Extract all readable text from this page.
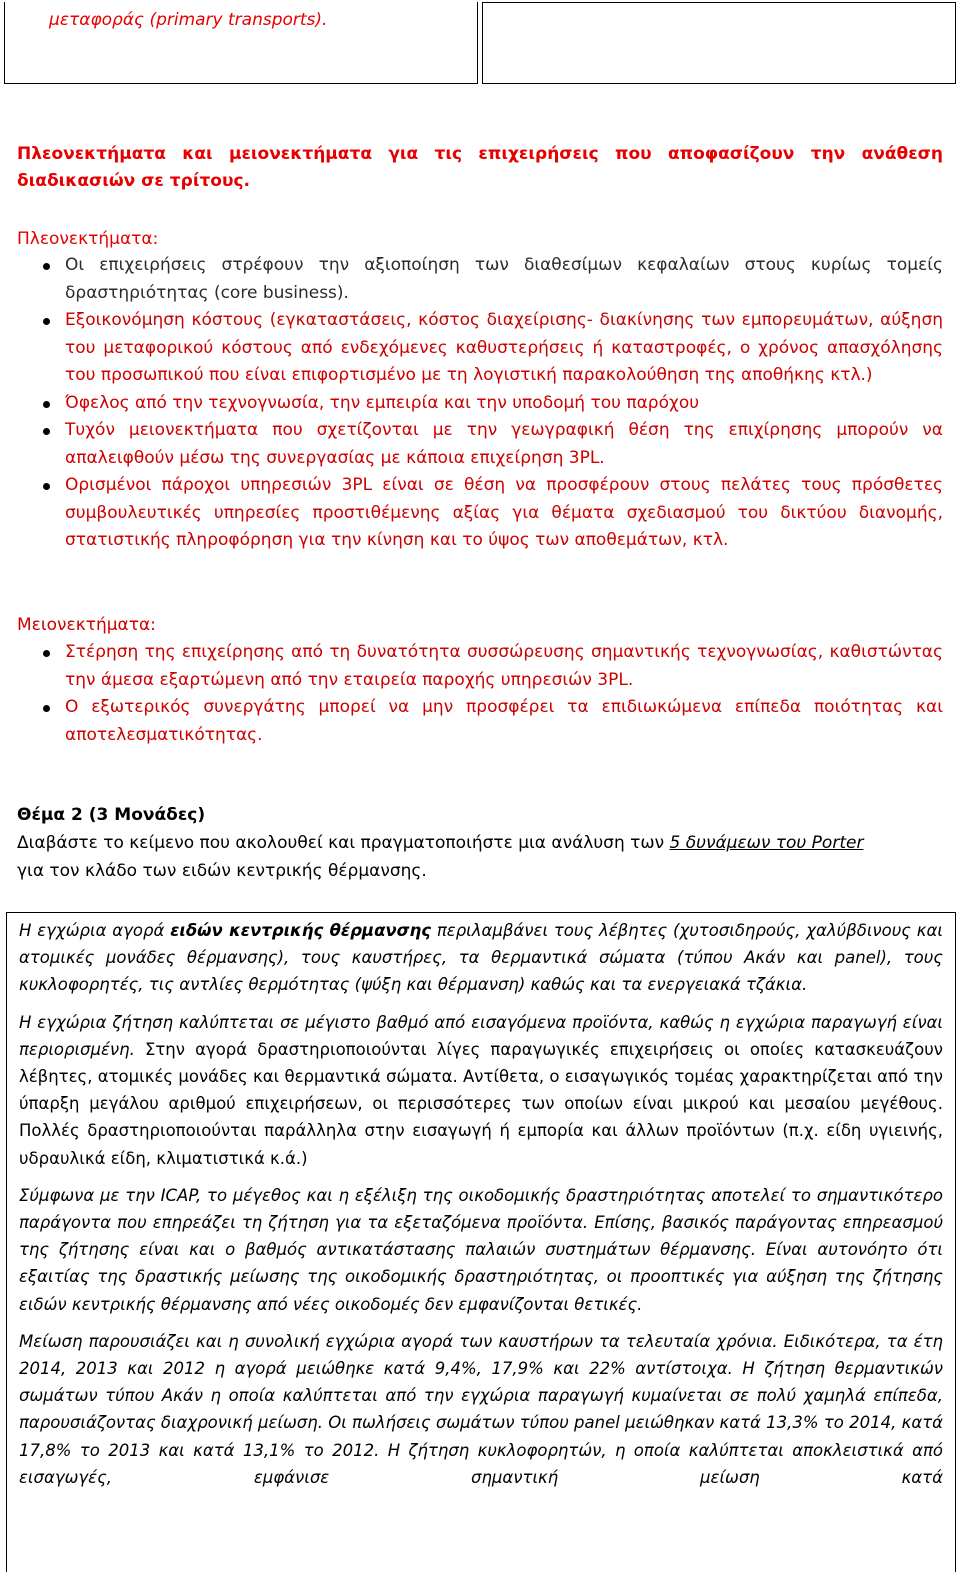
μεταφοράς (primary transports).
Πλεονεκτήματα και μειονεκτήματα για τις επιχειρήσεις που αποφασίζουν την ανάθεση διαδικασιών σε τρίτους.
Πλεονεκτήματα:
Οι επιχειρήσεις στρέφουν την αξιοποίηση των διαθεσίμων κεφαλαίων στους κυρίως τομείς δραστηριότητας (core business).
Εξοικονόμηση κόστους (εγκαταστάσεις, κόστος διαχείρισης- διακίνησης των εμπορευμάτων, αύξηση του μεταφορικού κόστους από ενδεχόμενες καθυστερήσεις ή καταστροφές, ο χρόνος απασχόλησης του προσωπικού που είναι επιφορτισμένο με τη λογιστική παρακολούθηση της αποθήκης κτλ.)
Όφελος από την τεχνογνωσία, την εμπειρία και την υποδομή του παρόχου
Τυχόν μειονεκτήματα που σχετίζονται με την γεωγραφική θέση της επιχίρησης μπορούν να απαλειφθούν μέσω της συνεργασίας με κάποια επιχείρηση 3PL.
Ορισμένοι πάροχοι υπηρεσιών 3PL είναι σε θέση να προσφέρουν στους πελάτες τους πρόσθετες συμβουλευτικές υπηρεσίες προστιθέμενης αξίας για θέματα σχεδιασμού του δικτύου διανομής, στατιστικής πληροφόρηση για την κίνηση και το ύψος των αποθεμάτων, κτλ.
Μειονεκτήματα:
Στέρηση της επιχείρησης από τη δυνατότητα συσσώρευσης σημαντικής τεχνογνωσίας, καθιστώντας την άμεσα εξαρτώμενη από την εταιρεία παροχής υπηρεσιών 3PL.
Ο εξωτερικός συνεργάτης μπορεί να μην προσφέρει τα επιδιωκώμενα επίπεδα ποιότητας και αποτελεσματικότητας.
Θέμα 2 (3 Μονάδες)
Διαβάστε το κείμενο που ακολουθεί και πραγματοποιήστε μια ανάλυση των 5 δυνάμεων του Porter
για τον κλάδο των ειδών κεντρικής θέρμανσης.

Η εγχώρια αγορά ειδών κεντρικής θέρμανσης περιλαμβάνει τους λέβητες (χυτοσιδηρούς, χαλύβδινους και ατομικές μονάδες θέρμανσης), τους καυστήρες, τα θερμαντικά σώματα (τύπου Ακάν και panel), τους κυκλοφορητές, τις αντλίες θερμότητας (ψύξη και θέρμανση) καθώς και τα ενεργειακά τζάκια.

Η εγχώρια ζήτηση καλύπτεται σε μέγιστο βαθμό από εισαγόμενα προϊόντα, καθώς η εγχώρια παραγωγή είναι περιορισμένη. Στην αγορά δραστηριοποιούνται λίγες παραγωγικές επιχειρήσεις οι οποίες κατασκευάζουν λέβητες, ατομικές μονάδες και θερμαντικά σώματα. Αντίθετα, ο εισαγωγικός τομέας χαρακτηρίζεται από την ύπαρξη μεγάλου αριθμού επιχειρήσεων, οι περισσότερες των οποίων είναι μικρού και μεσαίου μεγέθους. Πολλές δραστηριοποιούνται παράλληλα στην εισαγωγή ή εμπορία και άλλων προϊόντων (π.χ. είδη υγιεινής, υδραυλικά είδη, κλιματιστικά κ.ά.)

Σύμφωνα με την ICAP, το μέγεθος και η εξέλιξη της οικοδομικής δραστηριότητας αποτελεί το σημαντικότερο παράγοντα που επηρεάζει τη ζήτηση για τα εξεταζόμενα προϊόντα. Επίσης, βασικός παράγοντας επηρεασμού της ζήτησης είναι και ο βαθμός αντικατάστασης παλαιών συστημάτων θέρμανσης. Είναι αυτονόητο ότι εξαιτίας της δραστικής μείωσης της οικοδομικής δραστηριότητας, οι προοπτικές για αύξηση της ζήτησης ειδών κεντρικής θέρμανσης από νέες οικοδομές δεν εμφανίζονται θετικές.

Μείωση παρουσιάζει και η συνολική εγχώρια αγορά των καυστήρων τα τελευταία χρόνια. Ειδικότερα, τα έτη 2014, 2013 και 2012 η αγορά μειώθηκε κατά 9,4%, 17,9% και 22% αντίστοιχα. Η ζήτηση θερμαντικών σωμάτων τύπου Ακάν η οποία καλύπτεται από την εγχώρια παραγωγή κυμαίνεται σε πολύ χαμηλά επίπεδα, παρουσιάζοντας διαχρονική μείωση. Οι πωλήσεις σωμάτων τύπου panel μειώθηκαν κατά 13,3% το 2014, κατά 17,8% το 2013 και κατά 13,1% το 2012. Η ζήτηση κυκλοφορητών, η οποία καλύπτεται αποκλειστικά από εισαγωγές, εμφάνισε σημαντική μείωση κατά
